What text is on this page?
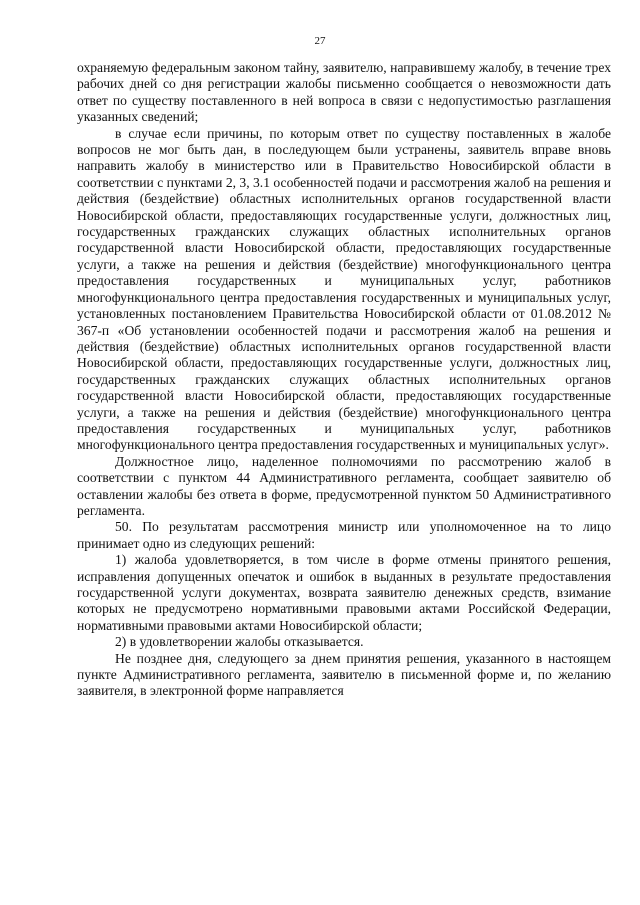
27

охраняемую федеральным законом тайну, заявителю, направившему жалобу, в течение трех рабочих дней со дня регистрации жалобы письменно сообщается о невозможности дать ответ по существу поставленного в ней вопроса в связи с недопустимостью разглашения указанных сведений;

в случае если причины, по которым ответ по существу поставленных в жалобе вопросов не мог быть дан, в последующем были устранены, заявитель вправе вновь направить жалобу в министерство или в Правительство Новосибирской области в соответствии с пунктами 2, 3, 3.1 особенностей подачи и рассмотрения жалоб на решения и действия (бездействие) областных исполнительных органов государственной власти Новосибирской области, предоставляющих государственные услуги, должностных лиц, государственных гражданских служащих областных исполнительных органов государственной власти Новосибирской области, предоставляющих государственные услуги, а также на решения и действия (бездействие) многофункционального центра предоставления государственных и муниципальных услуг, работников многофункционального центра предоставления государственных и муниципальных услуг, установленных постановлением Правительства Новосибирской области от 01.08.2012 № 367-п «Об установлении особенностей подачи и рассмотрения жалоб на решения и действия (бездействие) областных исполнительных органов государственной власти Новосибирской области, предоставляющих государственные услуги, должностных лиц, государственных гражданских служащих областных исполнительных органов государственной власти Новосибирской области, предоставляющих государственные услуги, а также на решения и действия (бездействие) многофункционального центра предоставления государственных и муниципальных услуг, работников многофункционального центра предоставления государственных и муниципальных услуг».

Должностное лицо, наделенное полномочиями по рассмотрению жалоб в соответствии с пунктом 44 Административного регламента, сообщает заявителю об оставлении жалобы без ответа в форме, предусмотренной пунктом 50 Административного регламента.

50. По результатам рассмотрения министр или уполномоченное на то лицо принимает одно из следующих решений:

1) жалоба удовлетворяется, в том числе в форме отмены принятого решения, исправления допущенных опечаток и ошибок в выданных в результате предоставления государственной услуги документах, возврата заявителю денежных средств, взимание которых не предусмотрено нормативными правовыми актами Российской Федерации, нормативными правовыми актами Новосибирской области;

2) в удовлетворении жалобы отказывается.

Не позднее дня, следующего за днем принятия решения, указанного в настоящем пункте Административного регламента, заявителю в письменной форме и, по желанию заявителя, в электронной форме направляется
